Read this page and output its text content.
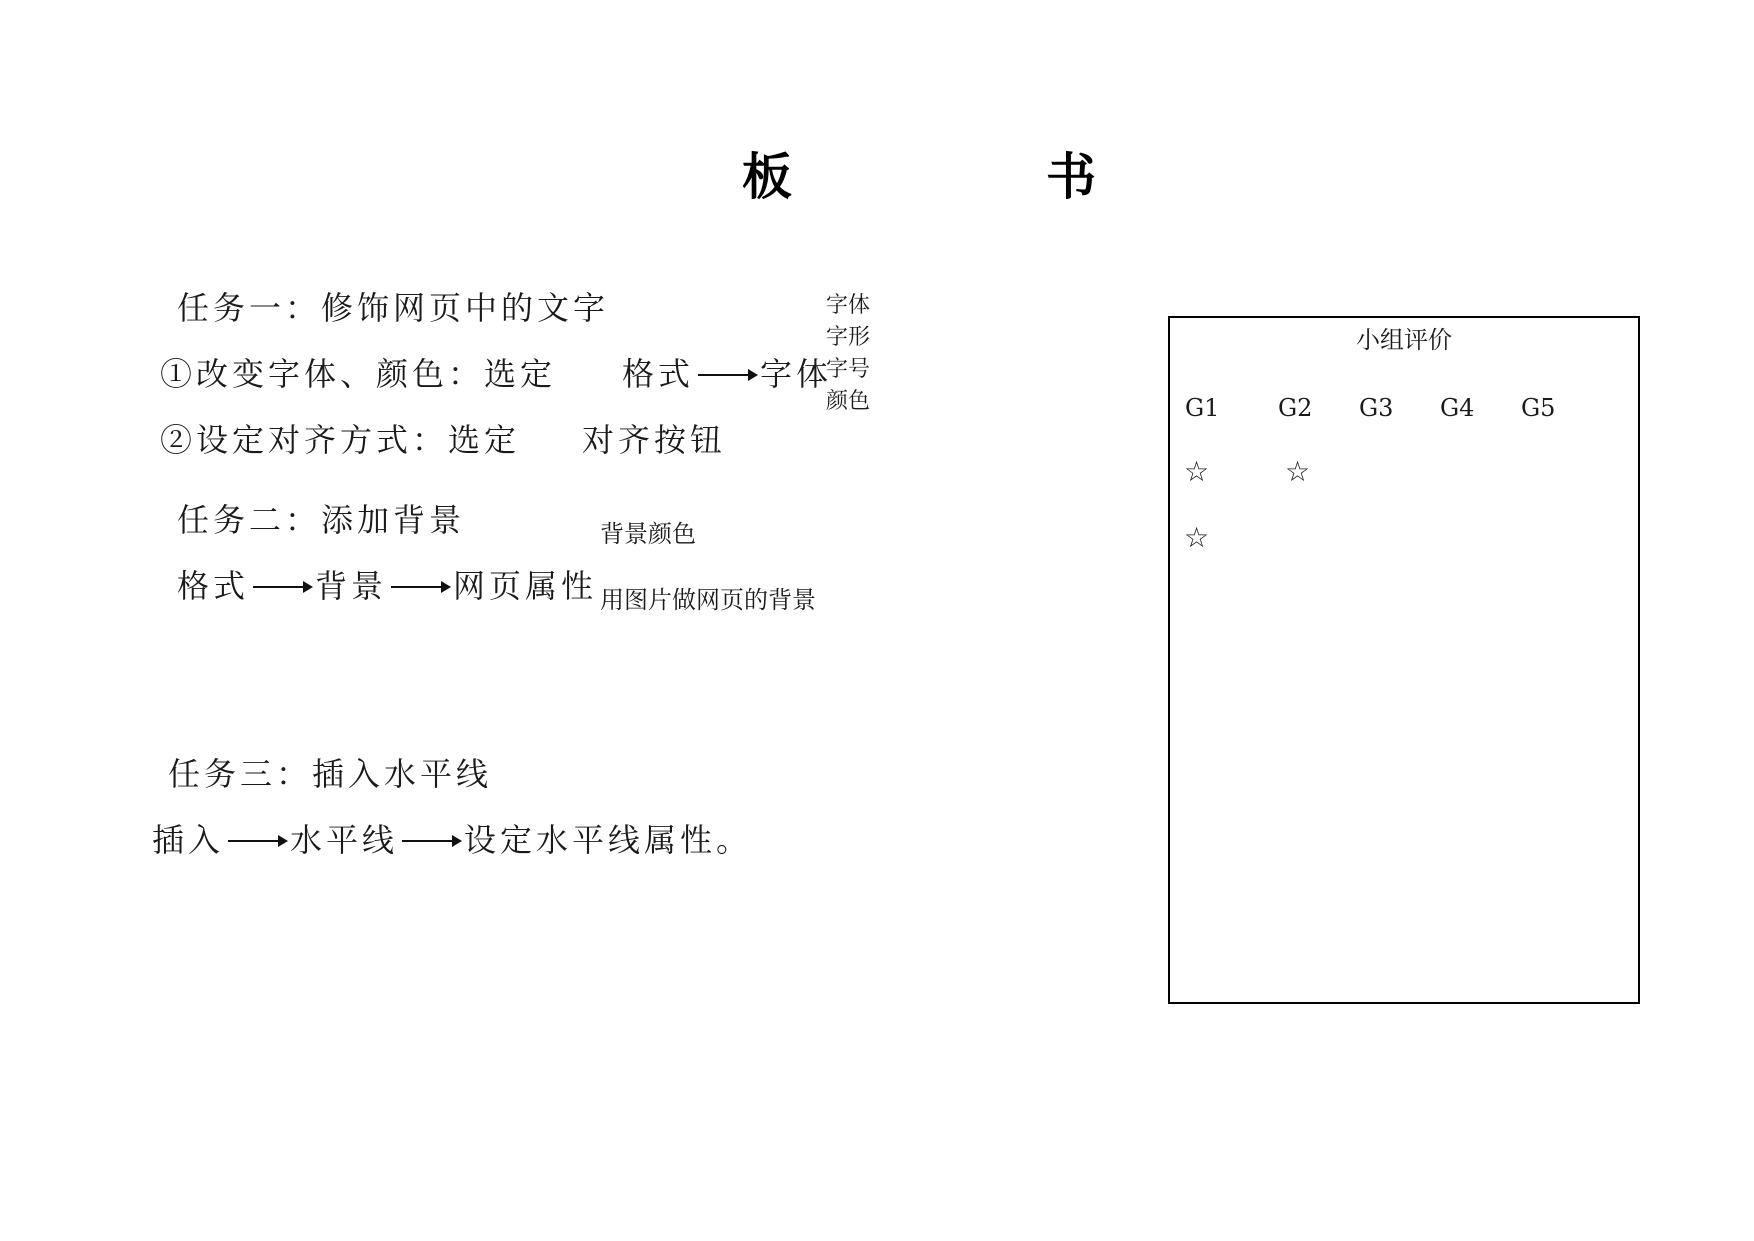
板	书
任务一：修饰网页中的文字
①改变字体、颜色：选定 格式 字体
②设定对齐方式：选定 对齐按钮
字体
字形
字号
颜色
任务二：添加背景
格式 背景 网页属性
背景颜色
用图片做网页的背景
任务三：插入水平线
插入 水平线 设定水平线属性。
小组评价
G1 G2 G3 G4 G5
☆	☆
☆
